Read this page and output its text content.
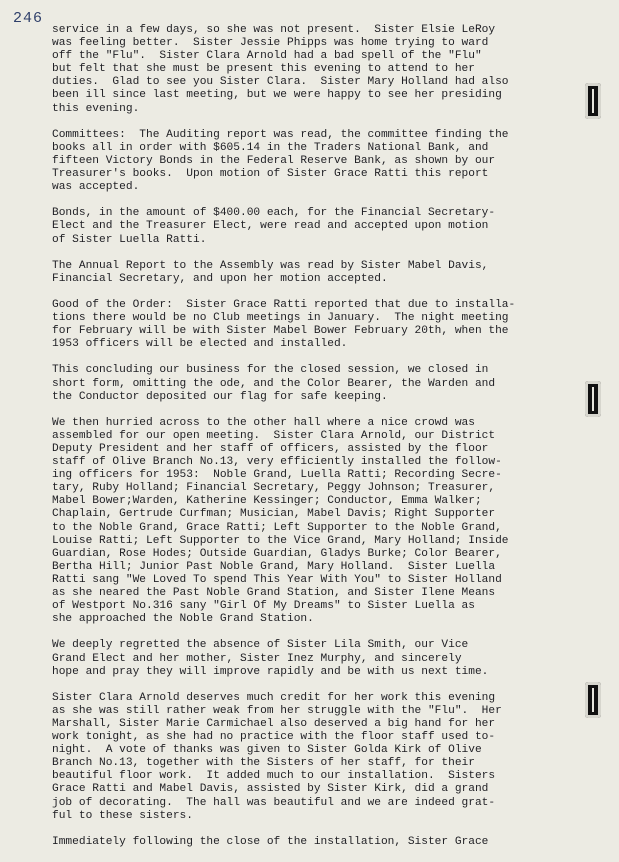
246

service in a few days, so she was not present.  Sister Elsie LeRoy
was feeling better.  Sister Jessie Phipps was home trying to ward
off the "Flu".  Sister Clara Arnold had a bad spell of the "Flu"
but felt that she must be present this evening to attend to her
duties.  Glad to see you Sister Clara.  Sister Mary Holland had also
been ill since last meeting, but we were happy to see her presiding
this evening.

Committees:  The Auditing report was read, the committee finding the
books all in order with $605.14 in the Traders National Bank, and
fifteen Victory Bonds in the Federal Reserve Bank, as shown by our
Treasurer's books.  Upon motion of Sister Grace Ratti this report
was accepted.

Bonds, in the amount of $400.00 each, for the Financial Secretary-
Elect and the Treasurer Elect, were read and accepted upon motion
of Sister Luella Ratti.

The Annual Report to the Assembly was read by Sister Mabel Davis,
Financial Secretary, and upon her motion accepted.

Good of the Order:  Sister Grace Ratti reported that due to installa-
tions there would be no Club meetings in January.  The night meeting
for February will be with Sister Mabel Bower February 20th, when the
1953 officers will be elected and installed.

This concluding our business for the closed session, we closed in
short form, omitting the ode, and the Color Bearer, the Warden and
the Conductor deposited our flag for safe keeping.

We then hurried across to the other hall where a nice crowd was
assembled for our open meeting.  Sister Clara Arnold, our District
Deputy President and her staff of officers, assisted by the floor
staff of Olive Branch No.13, very efficiently installed the follow-
ing officers for 1953:  Noble Grand, Luella Ratti; Recording Secre-
tary, Ruby Holland; Financial Secretary, Peggy Johnson; Treasurer,
Mabel Bower;Warden, Katherine Kessinger; Conductor, Emma Walker;
Chaplain, Gertrude Curfman; Musician, Mabel Davis; Right Supporter
to the Noble Grand, Grace Ratti; Left Supporter to the Noble Grand,
Louise Ratti; Left Supporter to the Vice Grand, Mary Holland; Inside
Guardian, Rose Hodes; Outside Guardian, Gladys Burke; Color Bearer,
Bertha Hill; Junior Past Noble Grand, Mary Holland.  Sister Luella
Ratti sang "We Loved To spend This Year With You" to Sister Holland
as she neared the Past Noble Grand Station, and Sister Ilene Means
of Westport No.316 sany "Girl Of My Dreams" to Sister Luella as
she approached the Noble Grand Station.

We deeply regretted the absence of Sister Lila Smith, our Vice
Grand Elect and her mother, Sister Inez Murphy, and sincerely
hope and pray they will improve rapidly and be with us next time.

Sister Clara Arnold deserves much credit for her work this evening
as she was still rather weak from her struggle with the "Flu".  Her
Marshall, Sister Marie Carmichael also deserved a big hand for her
work tonight, as she had no practice with the floor staff used to-
night.  A vote of thanks was given to Sister Golda Kirk of Olive
Branch No.13, together with the Sisters of her staff, for their
beautiful floor work.  It added much to our installation.  Sisters
Grace Ratti and Mabel Davis, assisted by Sister Kirk, did a grand
job of decorating.  The hall was beautiful and we are indeed grat-
ful to these sisters.

Immediately following the close of the installation, Sister Grace
